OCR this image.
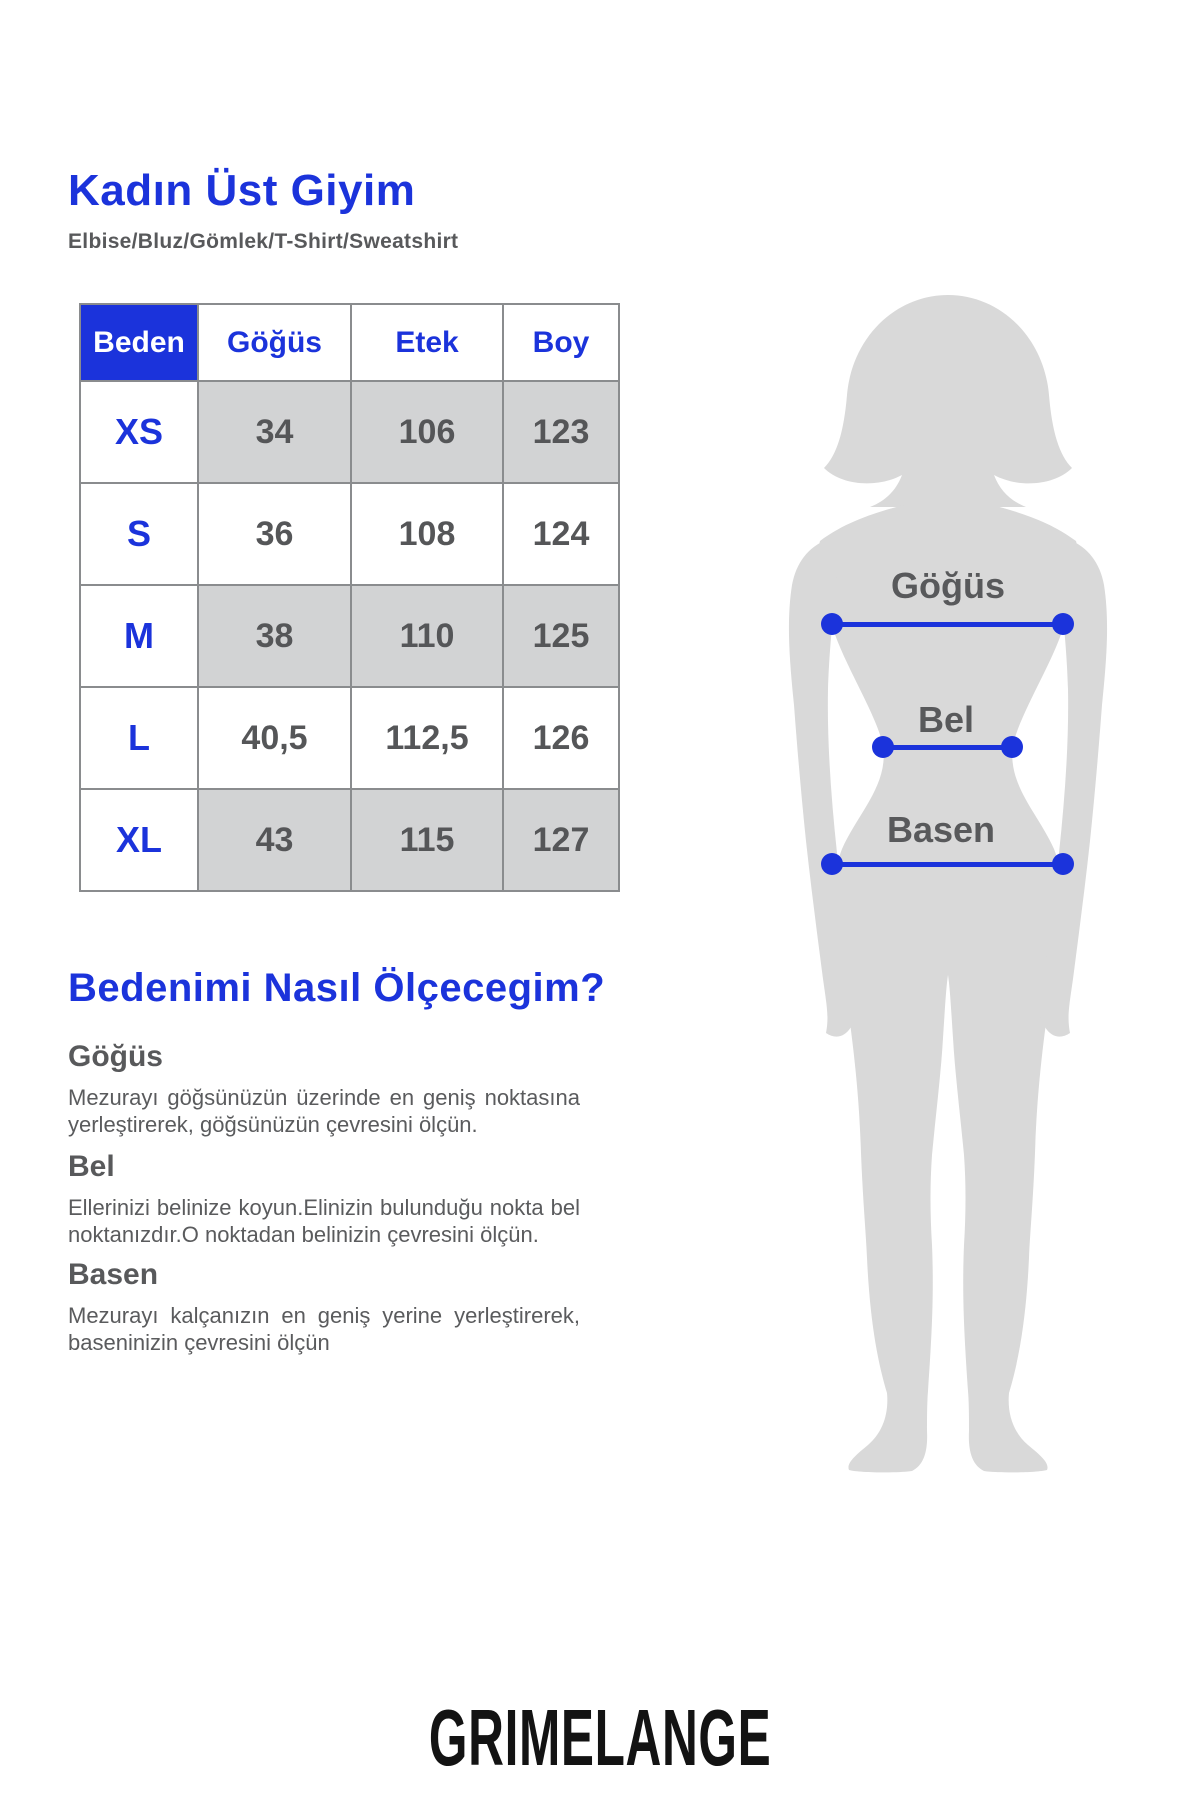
Kadın Üst Giyim
Elbise/Bluz/Gömlek/T-Shirt/Sweatshirt
Beden	Göğüs	Etek	Boy
XS	34	106	123
S	36	108	124
M	38	110	125
L	40,5	112,5	126
XL	43	115	127
Göğüs
Bel
Basen
Bedenimi Nasıl Ölçecegim?
Göğüs
Mezurayı göğsünüzün üzerinde en geniş noktasına yerleştirerek, göğsünüzün çevresini ölçün.
Bel
Ellerinizi belinize koyun.Elinizin bulunduğu nokta bel noktanızdır.O noktadan belinizin çevresini ölçün.
Basen
Mezurayı kalçanızın en geniş yerine yerleştirerek, baseninizin çevresini ölçün
GRIMELANGE
